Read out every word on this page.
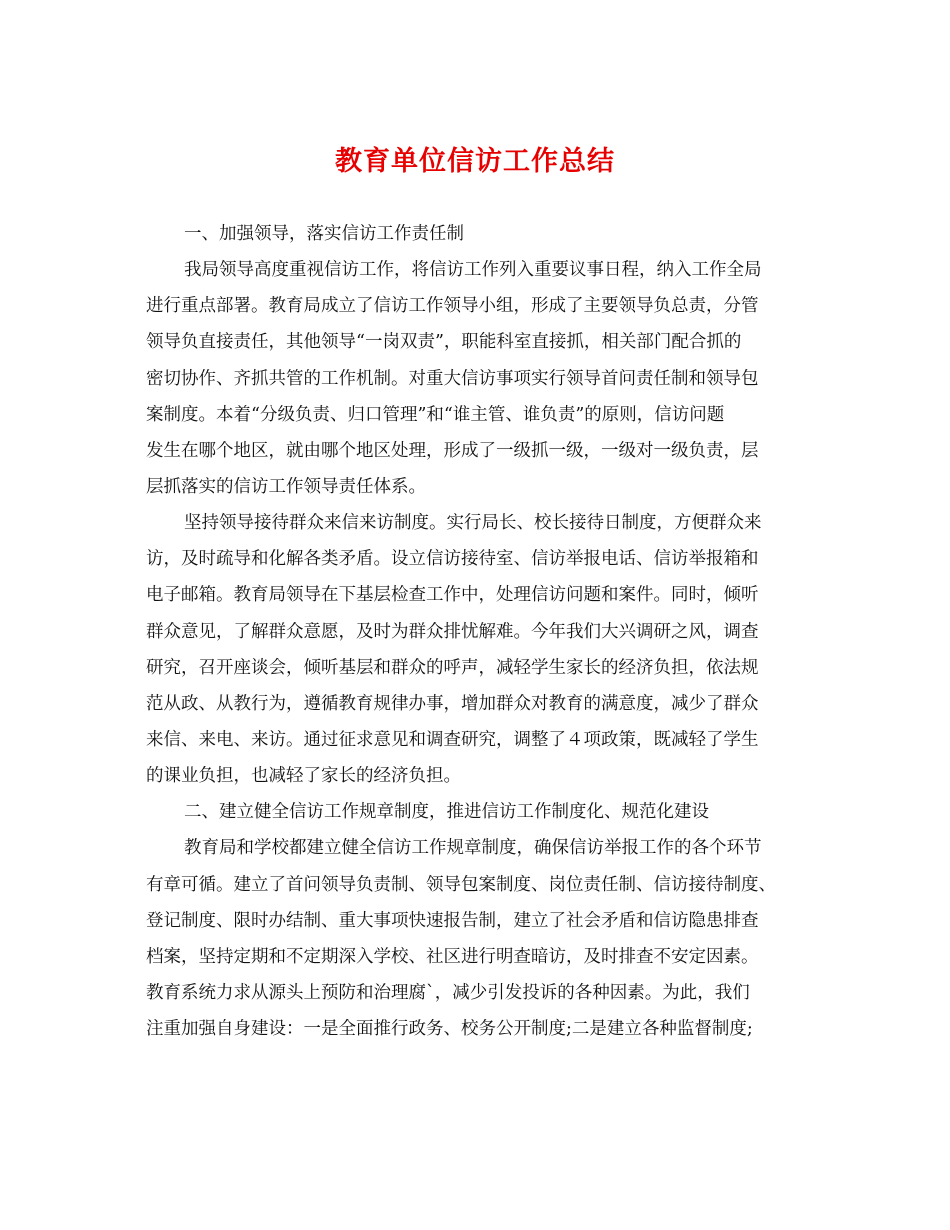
教育单位信访工作总结
一、加强领导，落实信访工作责任制
我局领导高度重视信访工作，将信访工作列入重要议事日程，纳入工作全局
进行重点部署。教育局成立了信访工作领导小组，形成了主要领导负总责，分管
领导负直接责任，其他领导“一岗双责”，职能科室直接抓，相关部门配合抓的
密切协作、齐抓共管的工作机制。对重大信访事项实行领导首问责任制和领导包
案制度。本着“分级负责、归口管理”和“谁主管、谁负责”的原则，信访问题
发生在哪个地区，就由哪个地区处理，形成了一级抓一级，一级对一级负责，层
层抓落实的信访工作领导责任体系。
坚持领导接待群众来信来访制度。实行局长、校长接待日制度，方便群众来
访，及时疏导和化解各类矛盾。设立信访接待室、信访举报电话、信访举报箱和
电子邮箱。教育局领导在下基层检查工作中，处理信访问题和案件。同时，倾听
群众意见，了解群众意愿，及时为群众排忧解难。今年我们大兴调研之风，调查
研究，召开座谈会，倾听基层和群众的呼声，减轻学生家长的经济负担，依法规
范从政、从教行为，遵循教育规律办事，增加群众对教育的满意度，减少了群众
来信、来电、来访。通过征求意见和调查研究，调整了４项政策，既减轻了学生
的课业负担，也减轻了家长的经济负担。
二、建立健全信访工作规章制度，推进信访工作制度化、规范化建设
教育局和学校都建立健全信访工作规章制度，确保信访举报工作的各个环节
有章可循。建立了首问领导负责制、领导包案制度、岗位责任制、信访接待制度、
登记制度、限时办结制、重大事项快速报告制，建立了社会矛盾和信访隐患排查
档案，坚持定期和不定期深入学校、社区进行明查暗访，及时排查不安定因素。
教育系统力求从源头上预防和治理腐`，减少引发投诉的各种因素。为此，我们
注重加强自身建设：一是全面推行政务、校务公开制度;二是建立各种监督制度;
